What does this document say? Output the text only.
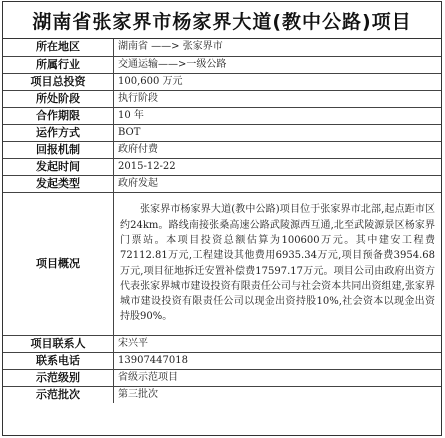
湖南省张家界市杨家界大道(教中公路)项目
所在地区	湖南省 ——> 张家界市
所属行业	交通运输——>一级公路
项目总投资	100,600 万元
所处阶段	执行阶段
合作期限	10 年
运作方式	BOT
回报机制	政府付费
发起时间	2015-12-22
发起类型	政府发起
项目概况	张家界市杨家界大道(教中公路)项目位于张家界市北部,起点距市区约24km。路线南接张桑高速公路武陵源西互通,北至武陵源景区杨家界门票站。本项目投资总额估算为100600万元。其中建安工程费72112.81万元,工程建设其他费用6935.34万元,项目预备费3954.68万元,项目征地拆迁安置补偿费17597.17万元。项目公司由政府出资方代表张家界城市建设投资有限责任公司与社会资本共同出资组建,张家界城市建设投资有限责任公司以现金出资持股10%,社会资本以现金出资持股90%。
项目联系人	宋兴平
联系电话	13907447018
示范级别	省级示范项目
示范批次	第三批次
